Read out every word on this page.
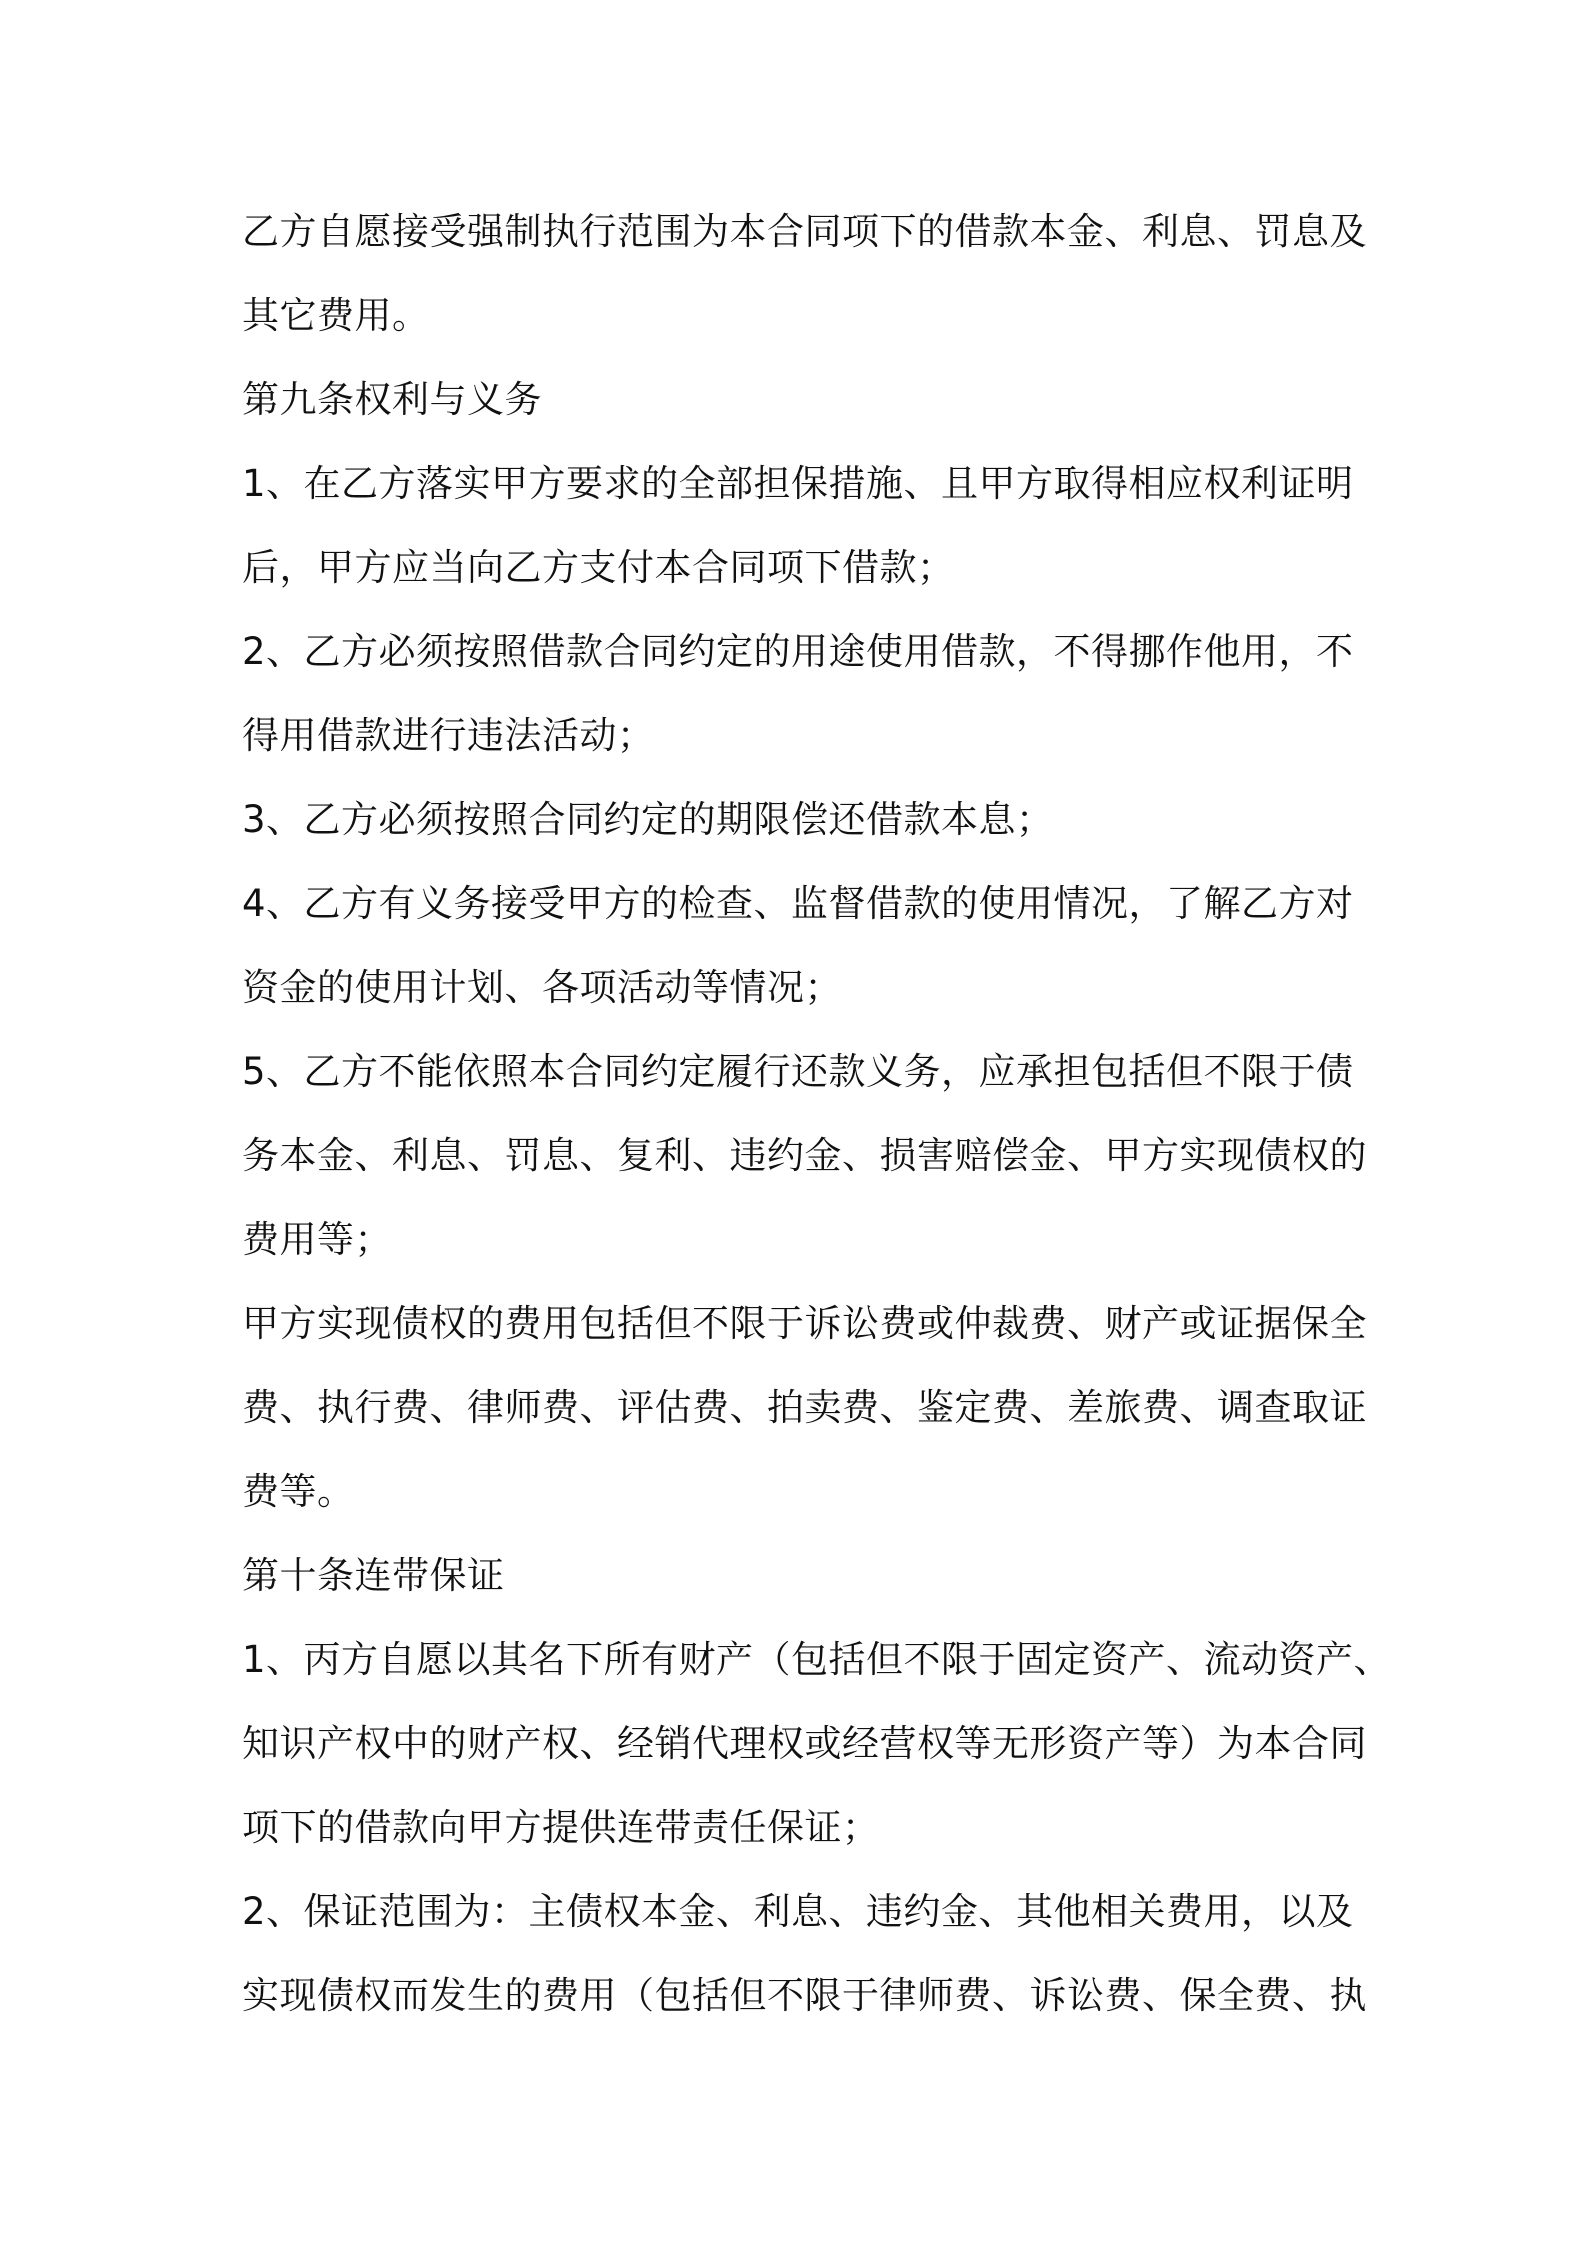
乙方自愿接受强制执行范围为本合同项下的借款本金、利息、罚息及
其它费用。

第九条权利与义务

1、在乙方落实甲方要求的全部担保措施、且甲方取得相应权利证明
后，甲方应当向乙方支付本合同项下借款；

2、乙方必须按照借款合同约定的用途使用借款，不得挪作他用，不
得用借款进行违法活动；

3、乙方必须按照合同约定的期限偿还借款本息；

4、乙方有义务接受甲方的检查、监督借款的使用情况，了解乙方对
资金的使用计划、各项活动等情况；

5、乙方不能依照本合同约定履行还款义务，应承担包括但不限于债
务本金、利息、罚息、复利、违约金、损害赔偿金、甲方实现债权的
费用等；

甲方实现债权的费用包括但不限于诉讼费或仲裁费、财产或证据保全
费、执行费、律师费、评估费、拍卖费、鉴定费、差旅费、调查取证
费等。

第十条连带保证

1、丙方自愿以其名下所有财产（包括但不限于固定资产、流动资产、
知识产权中的财产权、经销代理权或经营权等无形资产等）为本合同
项下的借款向甲方提供连带责任保证；

2、保证范围为：主债权本金、利息、违约金、其他相关费用，以及
实现债权而发生的费用（包括但不限于律师费、诉讼费、保全费、执
